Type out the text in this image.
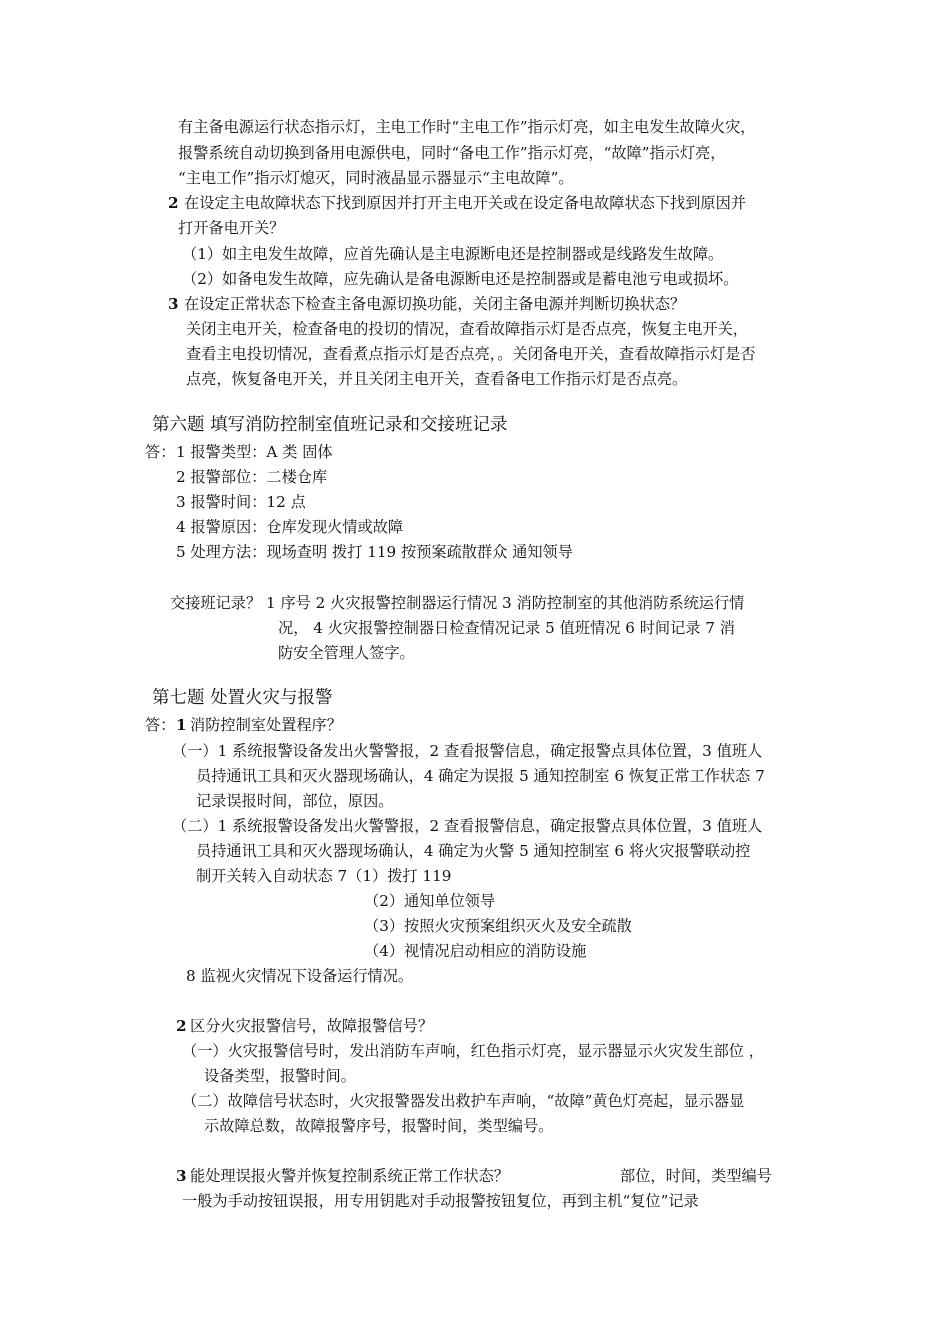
有主备电源运行状态指示灯，主电工作时“主电工作”指示灯亮，如主电发生故障火灾，
报警系统自动切换到备用电源供电，同时“备电工作”指示灯亮，“故障”指示灯亮，
“主电工作”指示灯熄灭，同时液晶显示器显示“主电故障”。
2 在设定主电故障状态下找到原因并打开主电开关或在设定备电故障状态下找到原因并
打开备电开关？
（1）如主电发生故障，应首先确认是主电源断电还是控制器或是线路发生故障。
（2）如备电发生故障，应先确认是备电源断电还是控制器或是蓄电池亏电或损坏。
3 在设定正常状态下检查主备电源切换功能，关闭主备电源并判断切换状态？
关闭主电开关，检查备电的投切的情况，查看故障指示灯是否点亮，恢复主电开关，
查看主电投切情况，查看煮点指示灯是否点亮，。关闭备电开关，查看故障指示灯是否
点亮，恢复备电开关，并且关闭主电开关，查看备电工作指示灯是否点亮。
第六题 填写消防控制室值班记录和交接班记录
答： 1 报警类型：A 类 固体
2 报警部位：二楼仓库
3 报警时间：12 点
4 报警原因：仓库发现火情或故障
5 处理方法：现场查明 拨打 119 按预案疏散群众 通知领导
交接班记录？ 1 序号 2 火灾报警控制器运行情况 3 消防控制室的其他消防系统运行情
况， 4 火灾报警控制器日检查情况记录 5 值班情况 6 时间记录 7 消
防安全管理人签字。
第七题 处置火灾与报警
答： 1 消防控制室处置程序？
（一）1 系统报警设备发出火警警报，2 查看报警信息，确定报警点具体位置，3 值班人
员持通讯工具和灭火器现场确认，4 确定为误报 5 通知控制室 6 恢复正常工作状态 7
记录误报时间，部位，原因。
（二）1 系统报警设备发出火警警报，2 查看报警信息，确定报警点具体位置，3 值班人
员持通讯工具和灭火器现场确认，4 确定为火警 5 通知控制室 6 将火灾报警联动控
制开关转入自动状态 7（1）拨打 119
（2）通知单位领导
（3）按照火灾预案组织灭火及安全疏散
（4）视情况启动相应的消防设施
8 监视火灾情况下设备运行情况。
2 区分火灾报警信号，故障报警信号？
（一）火灾报警信号时，发出消防车声响，红色指示灯亮，显示器显示火灾发生部位 ，
设备类型，报警时间。
（二）故障信号状态时，火灾报警器发出救护车声响，“故障”黄色灯亮起，显示器显
示故障总数，故障报警序号，报警时间，类型编号。
3 能处理误报火警并恢复控制系统正常工作状态？	部位，时间，类型编号
一般为手动按钮误报，用专用钥匙对手动报警按钮复位，再到主机“复位”记录
